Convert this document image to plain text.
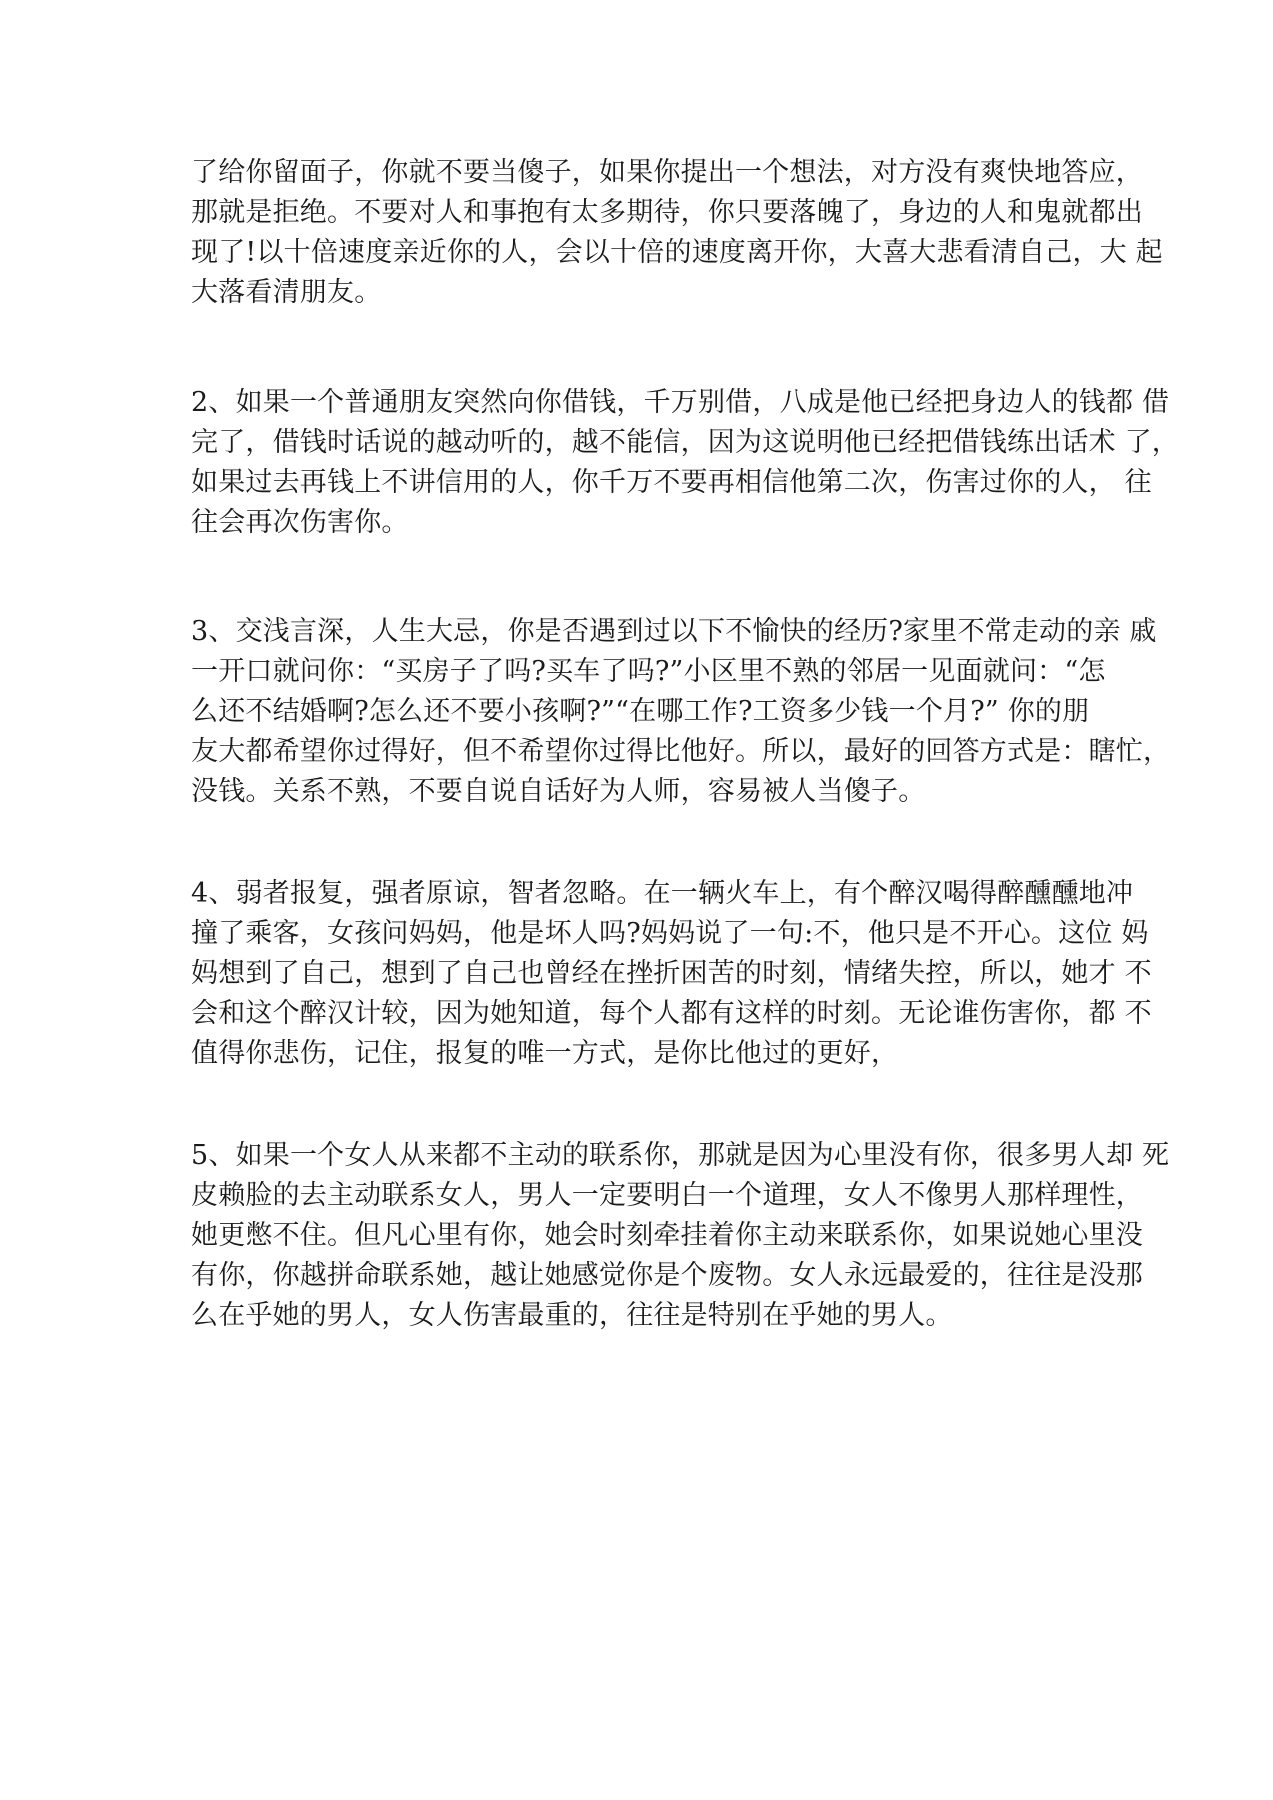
了给你留面子，你就不要当傻子，如果你提出一个想法，对方没有爽快地答应，
那就是拒绝。不要对人和事抱有太多期待，你只要落魄了，身边的人和鬼就都出
现了!以十倍速度亲近你的人，会以十倍的速度离开你，大喜大悲看清自己，大 起
大落看清朋友。

2、如果一个普通朋友突然向你借钱，千万别借，八成是他已经把身边人的钱都 借
完了，借钱时话说的越动听的，越不能信，因为这说明他已经把借钱练出话术 了，
如果过去再钱上不讲信用的人，你千万不要再相信他第二次，伤害过你的人， 往
往会再次伤害你。

3、交浅言深，人生大忌，你是否遇到过以下不愉快的经历?家里不常走动的亲 戚
一开口就问你：“买房子了吗?买车了吗?”小区里不熟的邻居一见面就问：“怎
么还不结婚啊?怎么还不要小孩啊?”“在哪工作?工资多少钱一个月?” 你的朋
友大都希望你过得好，但不希望你过得比他好。所以，最好的回答方式是：瞎忙，
没钱。关系不熟，不要自说自话好为人师，容易被人当傻子。

4、弱者报复，强者原谅，智者忽略。在一辆火车上，有个醉汉喝得醉醺醺地冲
撞了乘客，女孩问妈妈，他是坏人吗?妈妈说了一句:不，他只是不开心。这位 妈
妈想到了自己，想到了自己也曾经在挫折困苦的时刻，情绪失控，所以，她才 不
会和这个醉汉计较，因为她知道，每个人都有这样的时刻。无论谁伤害你，都 不
值得你悲伤，记住，报复的唯一方式，是你比他过的更好，

5、如果一个女人从来都不主动的联系你，那就是因为心里没有你，很多男人却 死
皮赖脸的去主动联系女人，男人一定要明白一个道理，女人不像男人那样理性，
她更憋不住。但凡心里有你，她会时刻牵挂着你主动来联系你，如果说她心里没
有你，你越拼命联系她，越让她感觉你是个废物。女人永远最爱的，往往是没那
么在乎她的男人，女人伤害最重的，往往是特别在乎她的男人。
